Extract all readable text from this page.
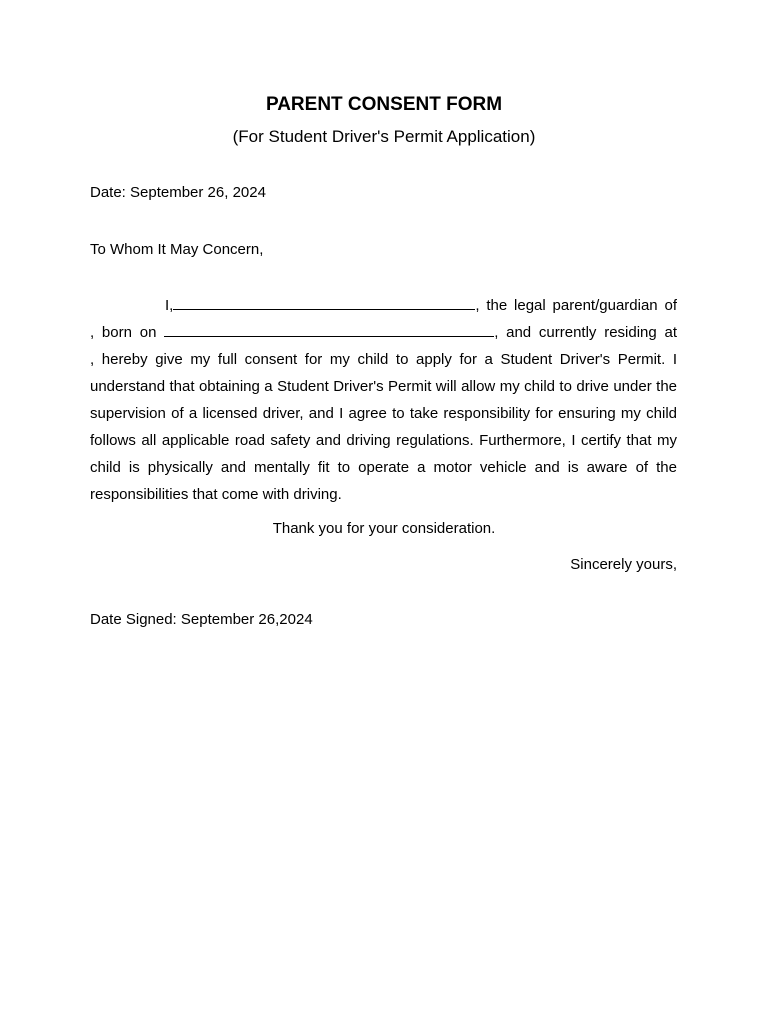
PARENT CONSENT FORM
(For Student Driver's Permit Application)
Date: September 26, 2024
To Whom It May Concern,
I,	, the legal parent/guardian of
, born on	, and currently residing at
, hereby give my full consent for my child to apply for a Student Driver's Permit. I
understand that obtaining a Student Driver's Permit will allow my child to drive under the
supervision of a licensed driver, and I agree to take responsibility for ensuring my child
follows all applicable road safety and driving regulations. Furthermore, I certify that my
child is physically and mentally fit to operate a motor vehicle and is aware of the
responsibilities that come with driving.
Thank you for your consideration.
Sincerely yours,
Date Signed: September 26,2024
